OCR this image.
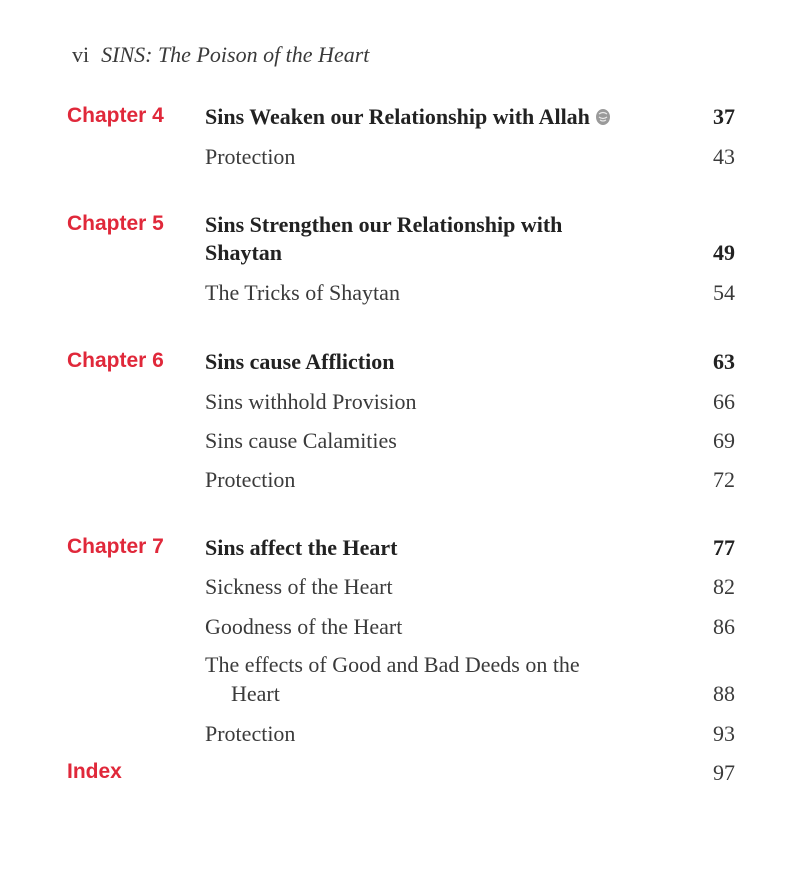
vi SINS: The Poison of the Heart
Chapter 4 Sins Weaken our Relationship with Allah	37
Protection	43
Chapter 5 Sins Strengthen our Relationship with
Shaytan	49
The Tricks of Shaytan	54
Chapter 6 Sins cause Affliction	63
Sins withhold Provision	66
Sins cause Calamities	69
Protection	72
Chapter 7 Sins affect the Heart	77
Sickness of the Heart	82
Goodness of the Heart	86
The effects of Good and Bad Deeds on the
Heart	88
Protection	93
Index	97
